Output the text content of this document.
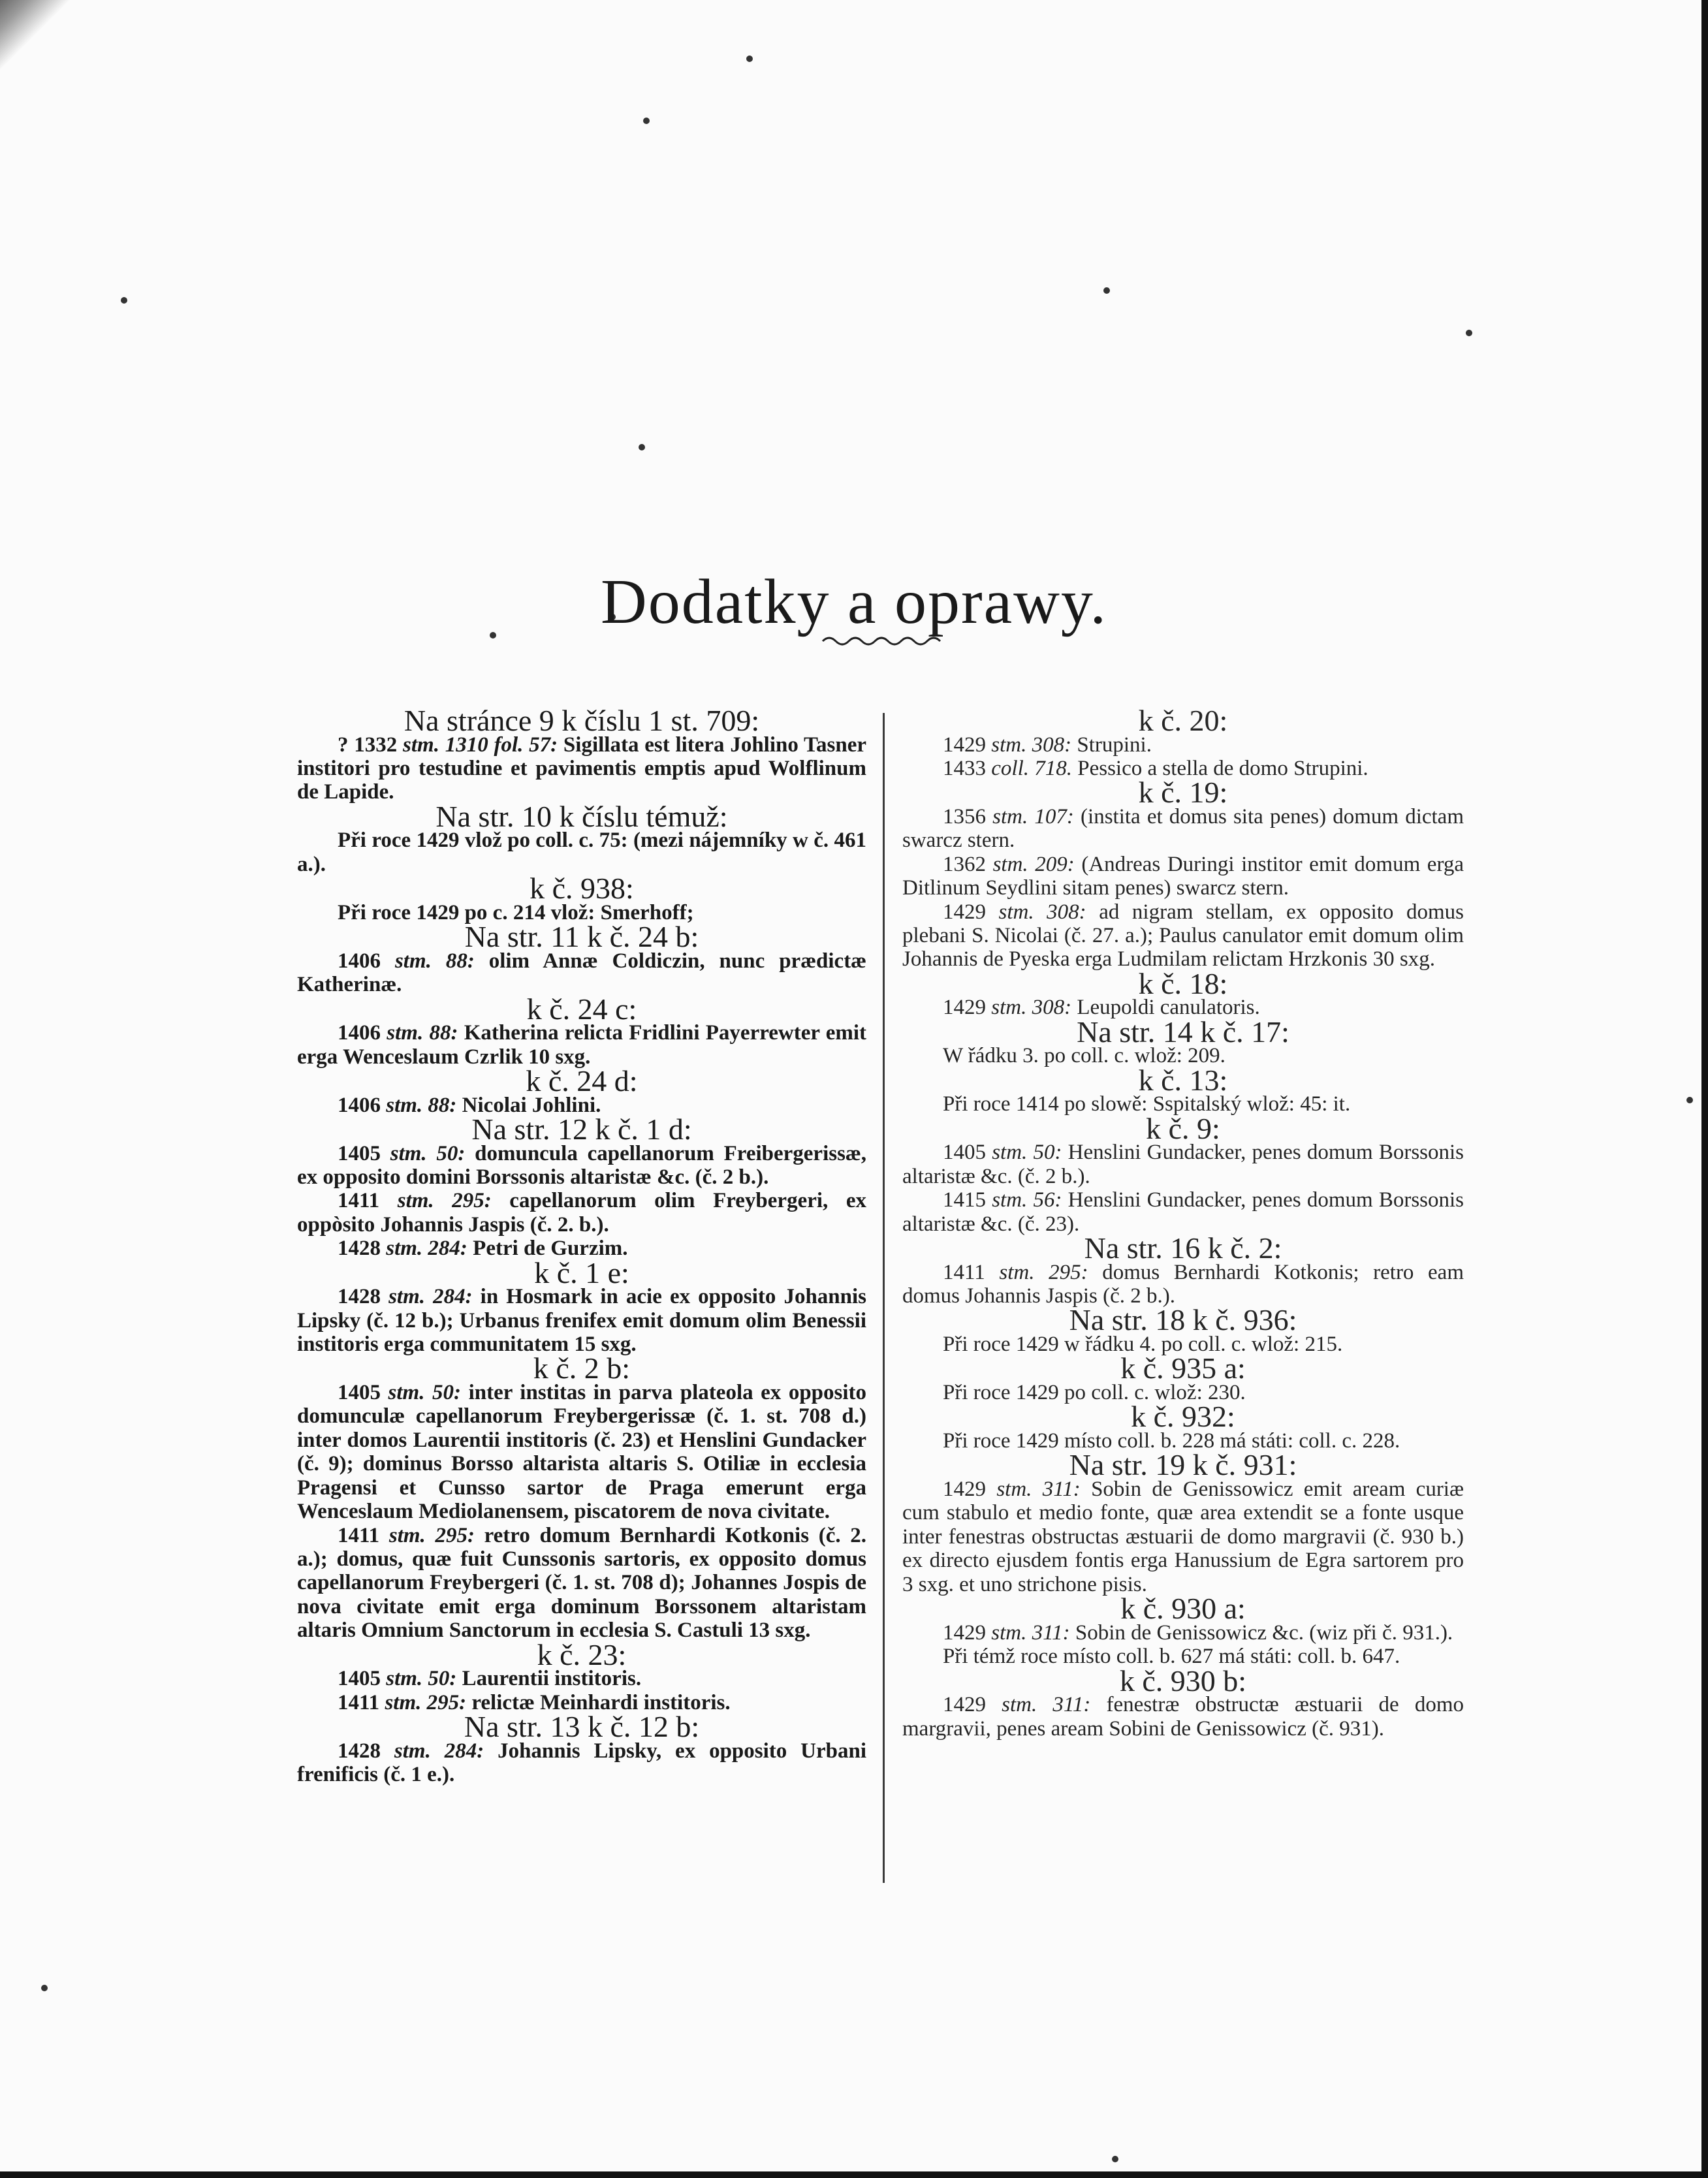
Dodatky a oprawy.
Na stránce 9 k číslu 1 st. 709:

? 1332 stm. 1310 fol. 57: Sigillata est litera Johlino Tasner institori pro testudine et pavimentis emptis apud Wolflinum de Lapide.

Na str. 10 k číslu témuž:

Při roce 1429 vlož po coll. c. 75: (mezi nájemníky w č. 461 a.).

k č. 938:

Při roce 1429 po c. 214 vlož: Smerhoff;

Na str. 11 k č. 24 b:

1406 stm. 88: olim Annæ Coldiczin, nunc prædictæ Katherinæ.

k č. 24 c:

1406 stm. 88: Katherina relicta Fridlini Payerrewter emit erga Wenceslaum Czrlik 10 sxg.

k č. 24 d:

1406 stm. 88: Nicolai Johlini.

Na str. 12 k č. 1 d:

1405 stm. 50: domuncula capellanorum Freibergerissæ, ex opposito domini Borssonis altaristæ &c. (č. 2 b.).

1411 stm. 295: capellanorum olim Freybergeri, ex oppòsito Johannis Jaspis (č. 2. b.).

1428 stm. 284: Petri de Gurzim.

k č. 1 e:

1428 stm. 284: in Hosmark in acie ex opposito Johannis Lipsky (č. 12 b.); Urbanus frenifex emit domum olim Benessii institoris erga communitatem 15 sxg.

k č. 2 b:

1405 stm. 50: inter institas in parva plateola ex opposito domunculæ capellanorum Freybergerissæ (č. 1. st. 708 d.) inter domos Laurentii institoris (č. 23) et Henslini Gundacker (č. 9); dominus Borsso altarista altaris S. Otiliæ in ecclesia Pragensi et Cunsso sartor de Praga emerunt erga Wenceslaum Mediolanensem, piscatorem de nova civitate.

1411 stm. 295: retro domum Bernhardi Kotkonis (č. 2. a.); domus, quæ fuit Cunssonis sartoris, ex opposito domus capellanorum Freybergeri (č. 1. st. 708 d); Johannes Jospis de nova civitate emit erga dominum Borssonem altaristam altaris Omnium Sanctorum in ecclesia S. Castuli 13 sxg.

k č. 23:

1405 stm. 50: Laurentii institoris.

1411 stm. 295: relictæ Meinhardi institoris.

Na str. 13 k č. 12 b:

1428 stm. 284: Johannis Lipsky, ex opposito Urbani frenificis (č. 1 e.).

k č. 20:

1429 stm. 308: Strupini.

1433 coll. 718. Pessico a stella de domo Strupini.

k č. 19:

1356 stm. 107: (instita et domus sita penes) domum dictam swarcz stern.

1362 stm. 209: (Andreas Duringi institor emit domum erga Ditlinum Seydlini sitam penes) swarcz stern.

1429 stm. 308: ad nigram stellam, ex opposito domus plebani S. Nicolai (č. 27. a.); Paulus canulator emit domum olim Johannis de Pyeska erga Ludmilam relictam Hrzkonis 30 sxg.

k č. 18:

1429 stm. 308: Leupoldi canulatoris.

Na str. 14 k č. 17:

W řádku 3. po coll. c. wlož: 209.

k č. 13:

Při roce 1414 po slowě: Sspitalský wlož: 45: it.

k č. 9:

1405 stm. 50: Henslini Gundacker, penes domum Borssonis altaristæ &c. (č. 2 b.).

1415 stm. 56: Henslini Gundacker, penes domum Borssonis altaristæ &c. (č. 23).

Na str. 16 k č. 2:

1411 stm. 295: domus Bernhardi Kotkonis; retro eam domus Johannis Jaspis (č. 2 b.).

Na str. 18 k č. 936:

Při roce 1429 w řádku 4. po coll. c. wlož: 215.

k č. 935 a:

Při roce 1429 po coll. c. wlož: 230.

k č. 932:

Při roce 1429 místo coll. b. 228 má státi: coll. c. 228.

Na str. 19 k č. 931:

1429 stm. 311: Sobin de Genissowicz emit aream curiæ cum stabulo et medio fonte, quæ area extendit se a fonte usque inter fenestras obstructas æstuarii de domo margravii (č. 930 b.) ex directo ejusdem fontis erga Hanussium de Egra sartorem pro 3 sxg. et uno strichone pisis.

k č. 930 a:

1429 stm. 311: Sobin de Genissowicz &c. (wiz při č. 931.).

Při témž roce místo coll. b. 627 má státi: coll. b. 647.

k č. 930 b:

1429 stm. 311: fenestræ obstructæ æstuarii de domo margravii, penes aream Sobini de Genissowicz (č. 931).
